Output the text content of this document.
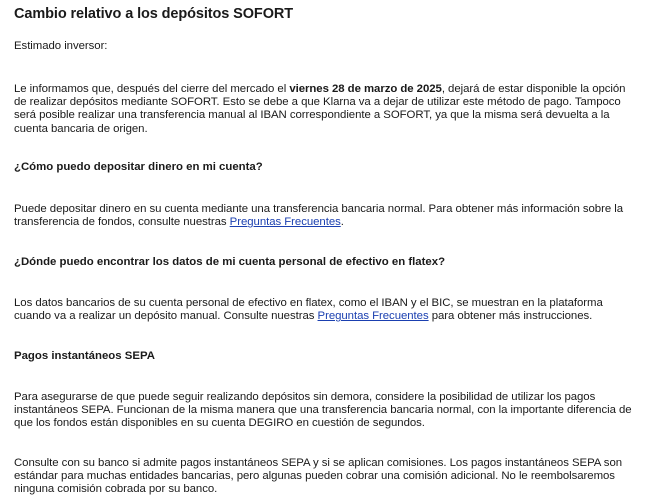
Cambio relativo a los depósitos SOFORT

Estimado inversor:

Le informamos que, después del cierre del mercado el viernes 28 de marzo de 2025, dejará de estar disponible la opción de realizar depósitos mediante SOFORT. Esto se debe a que Klarna va a dejar de utilizar este método de pago. Tampoco será posible realizar una transferencia manual al IBAN correspondiente a SOFORT, ya que la misma será devuelta a la cuenta bancaria de origen.

¿Cómo puedo depositar dinero en mi cuenta?

Puede depositar dinero en su cuenta mediante una transferencia bancaria normal. Para obtener más información sobre la transferencia de fondos, consulte nuestras Preguntas Frecuentes.

¿Dónde puedo encontrar los datos de mi cuenta personal de efectivo en flatex?

Los datos bancarios de su cuenta personal de efectivo en flatex, como el IBAN y el BIC, se muestran en la plataforma cuando va a realizar un depósito manual. Consulte nuestras Preguntas Frecuentes para obtener más instrucciones.

Pagos instantáneos SEPA

Para asegurarse de que puede seguir realizando depósitos sin demora, considere la posibilidad de utilizar los pagos instantáneos SEPA. Funcionan de la misma manera que una transferencia bancaria normal, con la importante diferencia de que los fondos están disponibles en su cuenta DEGIRO en cuestión de segundos.

Consulte con su banco si admite pagos instantáneos SEPA y si se aplican comisiones. Los pagos instantáneos SEPA son estándar para muchas entidades bancarias, pero algunas pueden cobrar una comisión adicional. No le reembolsaremos ninguna comisión cobrada por su banco.
